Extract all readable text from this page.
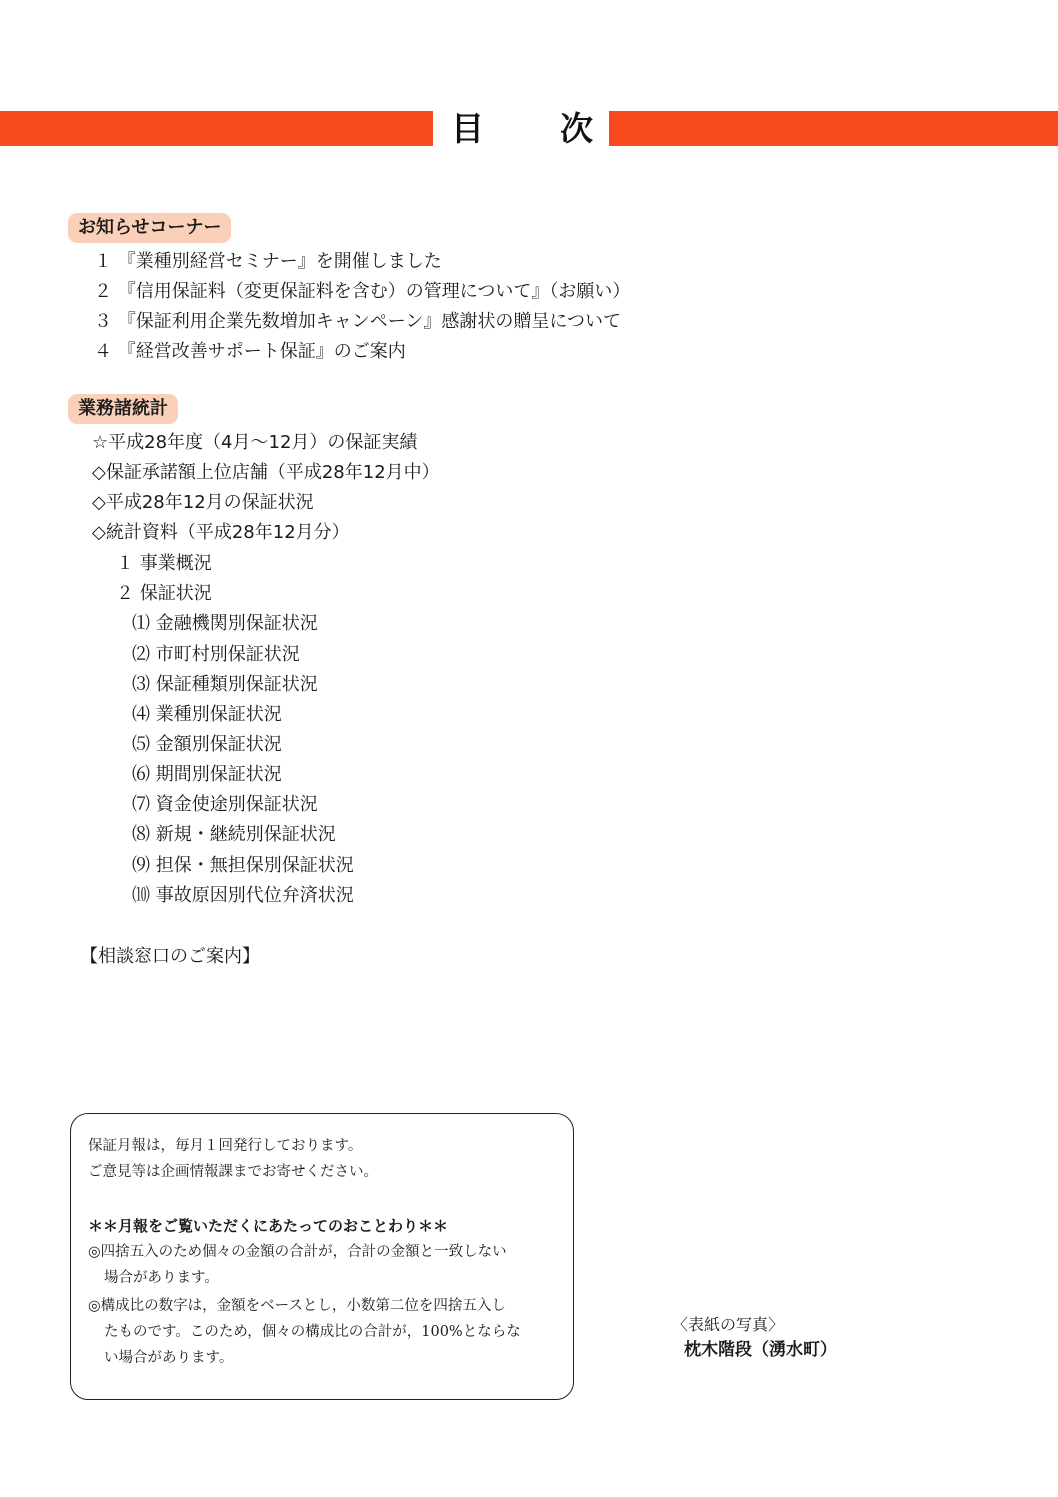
目 次
お知らせコーナー
１ 『業種別経営セミナー』を開催しました
２ 『信用保証料（変更保証料を含む）の管理について』（お願い）
３ 『保証利用企業先数増加キャンペーン』感謝状の贈呈について
４ 『経営改善サポート保証』のご案内
業務諸統計
☆平成28年度（4月〜12月）の保証実績
◇保証承諾額上位店舗（平成28年12月中）
◇平成28年12月の保証状況
◇統計資料（平成28年12月分）
１ 事業概況
２ 保証状況
⑴ 金融機関別保証状況
⑵ 市町村別保証状況
⑶ 保証種類別保証状況
⑷ 業種別保証状況
⑸ 金額別保証状況
⑹ 期間別保証状況
⑺ 資金使途別保証状況
⑻ 新規・継続別保証状況
⑼ 担保・無担保別保証状況
⑽ 事故原因別代位弁済状況
【相談窓口のご案内】
保証月報は，毎月１回発行しております。
ご意見等は企画情報課までお寄せください。
＊＊月報をご覧いただくにあたってのおことわり＊＊
◎四捨五入のため個々の金額の合計が，合計の金額と一致しない
場合があります。
◎構成比の数字は，金額をベースとし，小数第二位を四捨五入し
たものです。このため，個々の構成比の合計が，100%とならな
い場合があります。
〈表紙の写真〉
枕木階段（湧水町）
